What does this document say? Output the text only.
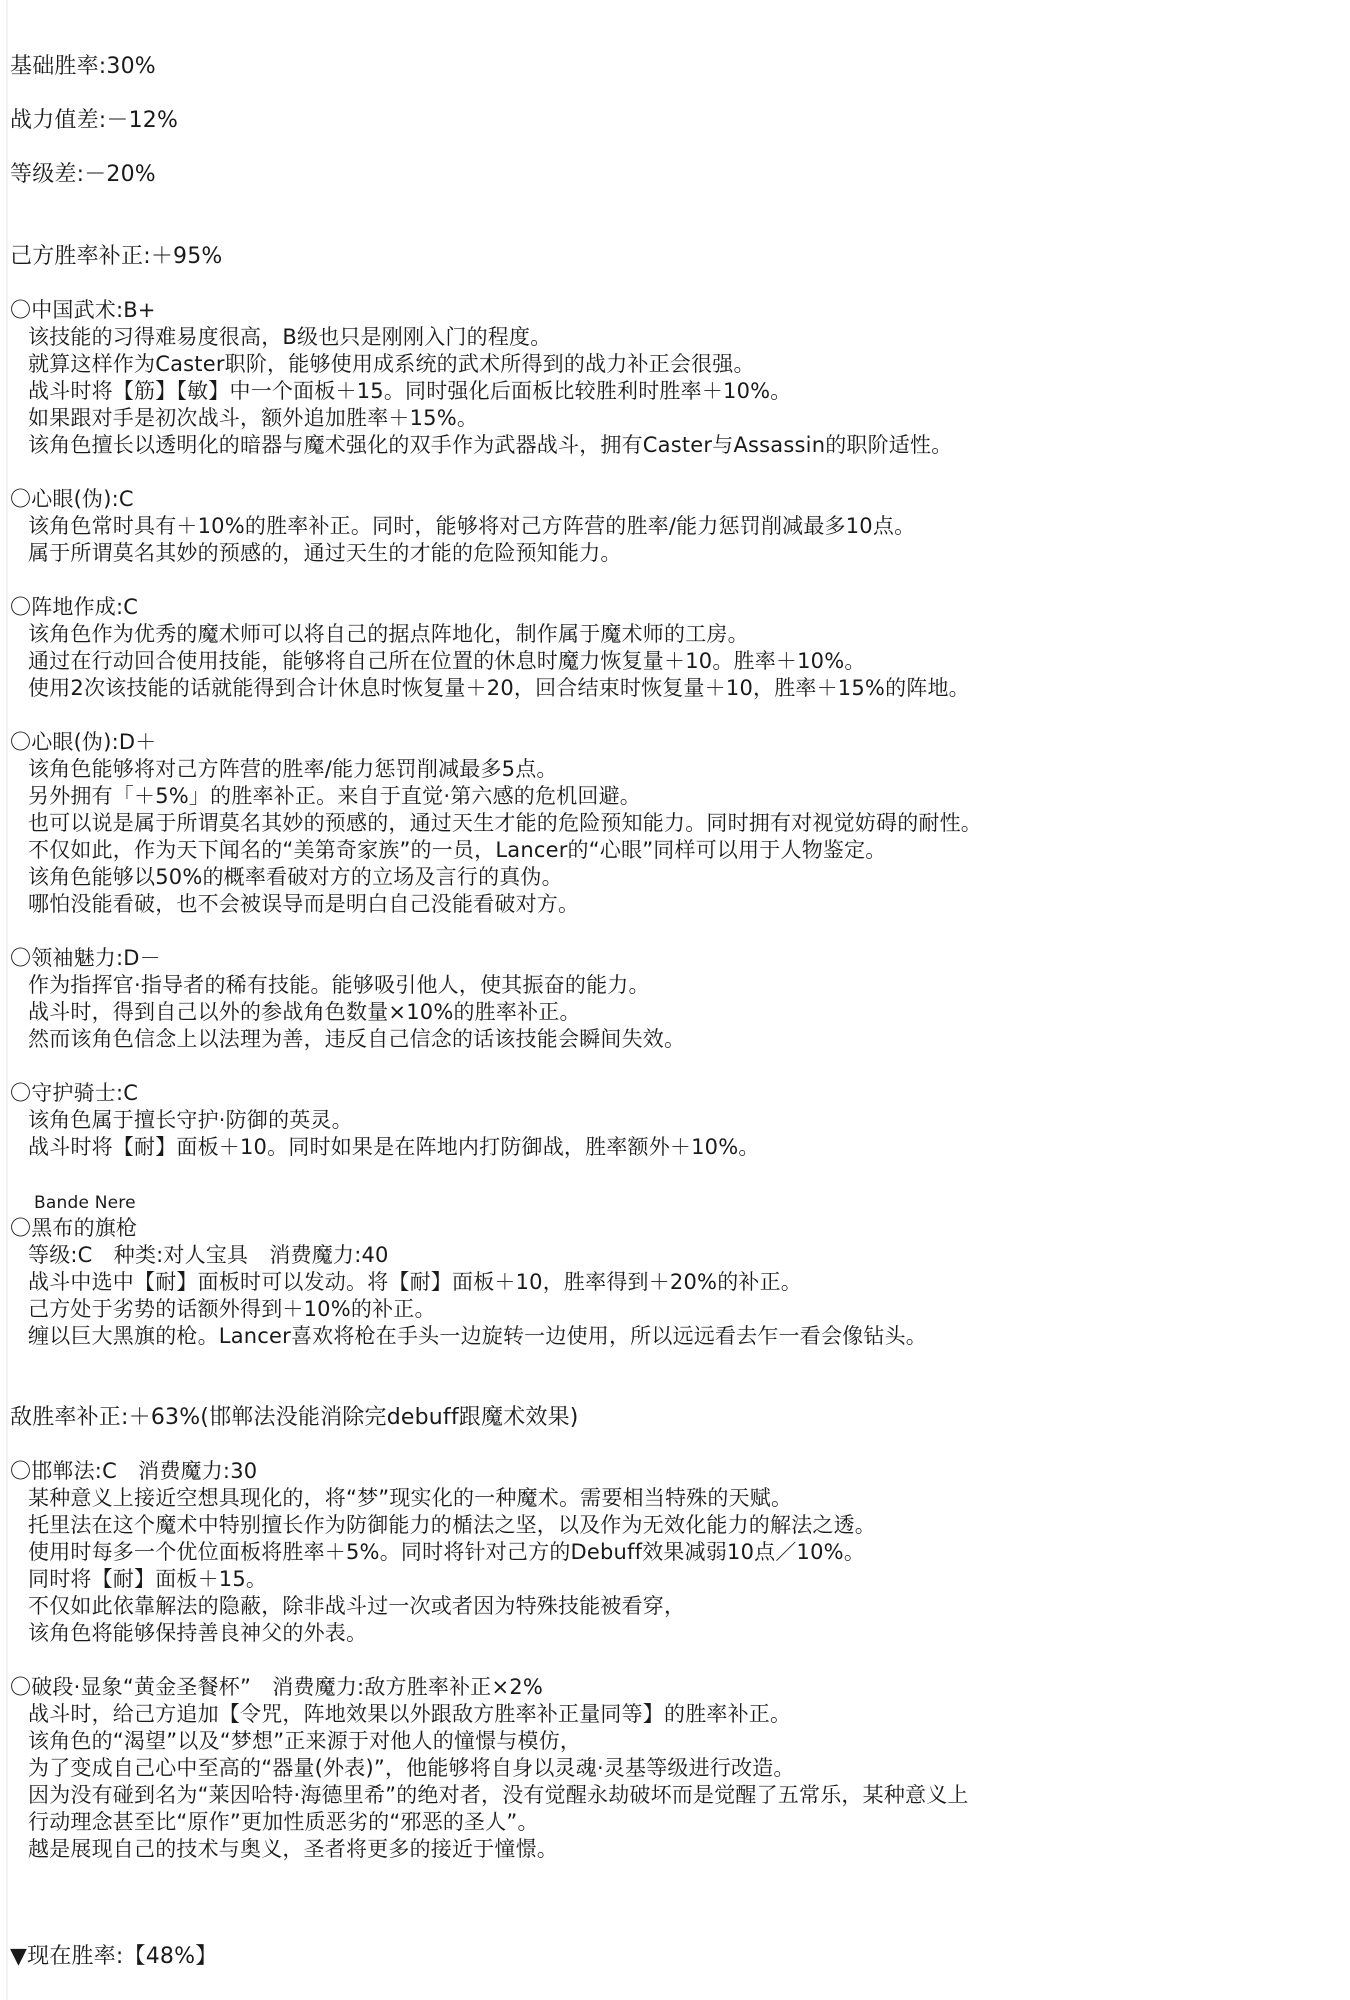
基础胜率:30%
战力值差:－12%
等级差:－20%
己方胜率补正:＋95%
〇中国武术:B+
该技能的习得难易度很高，B级也只是刚刚入门的程度。
就算这样作为Caster职阶，能够使用成系统的武术所得到的战力补正会很强。
战斗时将【筋】【敏】中一个面板＋15。同时强化后面板比较胜利时胜率＋10%。
如果跟对手是初次战斗，额外追加胜率＋15%。
该角色擅长以透明化的暗器与魔术强化的双手作为武器战斗，拥有Caster与Assassin的职阶适性。
〇心眼(伪):C
该角色常时具有＋10%的胜率补正。同时，能够将对己方阵营的胜率/能力惩罚削减最多10点。
属于所谓莫名其妙的预感的，通过天生的才能的危险预知能力。
〇阵地作成:C
该角色作为优秀的魔术师可以将自己的据点阵地化，制作属于魔术师的工房。
通过在行动回合使用技能，能够将自己所在位置的休息时魔力恢复量＋10。胜率＋10%。
使用2次该技能的话就能得到合计休息时恢复量＋20，回合结束时恢复量＋10，胜率＋15%的阵地。
〇心眼(伪):D＋
该角色能够将对己方阵营的胜率/能力惩罚削减最多5点。
另外拥有「＋5%」的胜率补正。来自于直觉·第六感的危机回避。
也可以说是属于所谓莫名其妙的预感的，通过天生才能的危险预知能力。同时拥有对视觉妨碍的耐性。
不仅如此，作为天下闻名的“美第奇家族”的一员，Lancer的“心眼”同样可以用于人物鉴定。
该角色能够以50%的概率看破对方的立场及言行的真伪。
哪怕没能看破，也不会被误导而是明白自己没能看破对方。
〇领袖魅力:D－
作为指挥官·指导者的稀有技能。能够吸引他人，使其振奋的能力。
战斗时，得到自己以外的参战角色数量×10%的胜率补正。
然而该角色信念上以法理为善，违反自己信念的话该技能会瞬间失效。
〇守护骑士:C
该角色属于擅长守护·防御的英灵。
战斗时将【耐】面板＋10。同时如果是在阵地内打防御战，胜率额外＋10%。
Bande Nere
〇黑布的旗枪
等级:C　种类:对人宝具　消费魔力:40
战斗中选中【耐】面板时可以发动。将【耐】面板＋10，胜率得到＋20%的补正。
己方处于劣势的话额外得到＋10%的补正。
缠以巨大黑旗的枪。Lancer喜欢将枪在手头一边旋转一边使用，所以远远看去乍一看会像钻头。
敌胜率补正:＋63%(邯郸法没能消除完debuff跟魔术效果)
〇邯郸法:C　消费魔力:30
某种意义上接近空想具现化的，将“梦”现实化的一种魔术。需要相当特殊的天赋。
托里法在这个魔术中特别擅长作为防御能力的楯法之坚，以及作为无效化能力的解法之透。
使用时每多一个优位面板将胜率＋5%。同时将针对己方的Debuff效果减弱10点／10%。
同时将【耐】面板＋15。
不仅如此依靠解法的隐蔽，除非战斗过一次或者因为特殊技能被看穿，
该角色将能够保持善良神父的外表。
〇破段·显象“黄金圣餐杯”　消费魔力:敌方胜率补正×2%
战斗时，给己方追加【令咒，阵地效果以外跟敌方胜率补正量同等】的胜率补正。
该角色的“渴望”以及“梦想”正来源于对他人的憧憬与模仿，
为了变成自己心中至高的“器量(外表)”，他能够将自身以灵魂·灵基等级进行改造。
因为没有碰到名为“莱因哈特·海德里希”的绝对者，没有觉醒永劫破坏而是觉醒了五常乐，某种意义上
行动理念甚至比“原作”更加性质恶劣的“邪恶的圣人”。
越是展现自己的技术与奥义，圣者将更多的接近于憧憬。
▼现在胜率:【48%】
